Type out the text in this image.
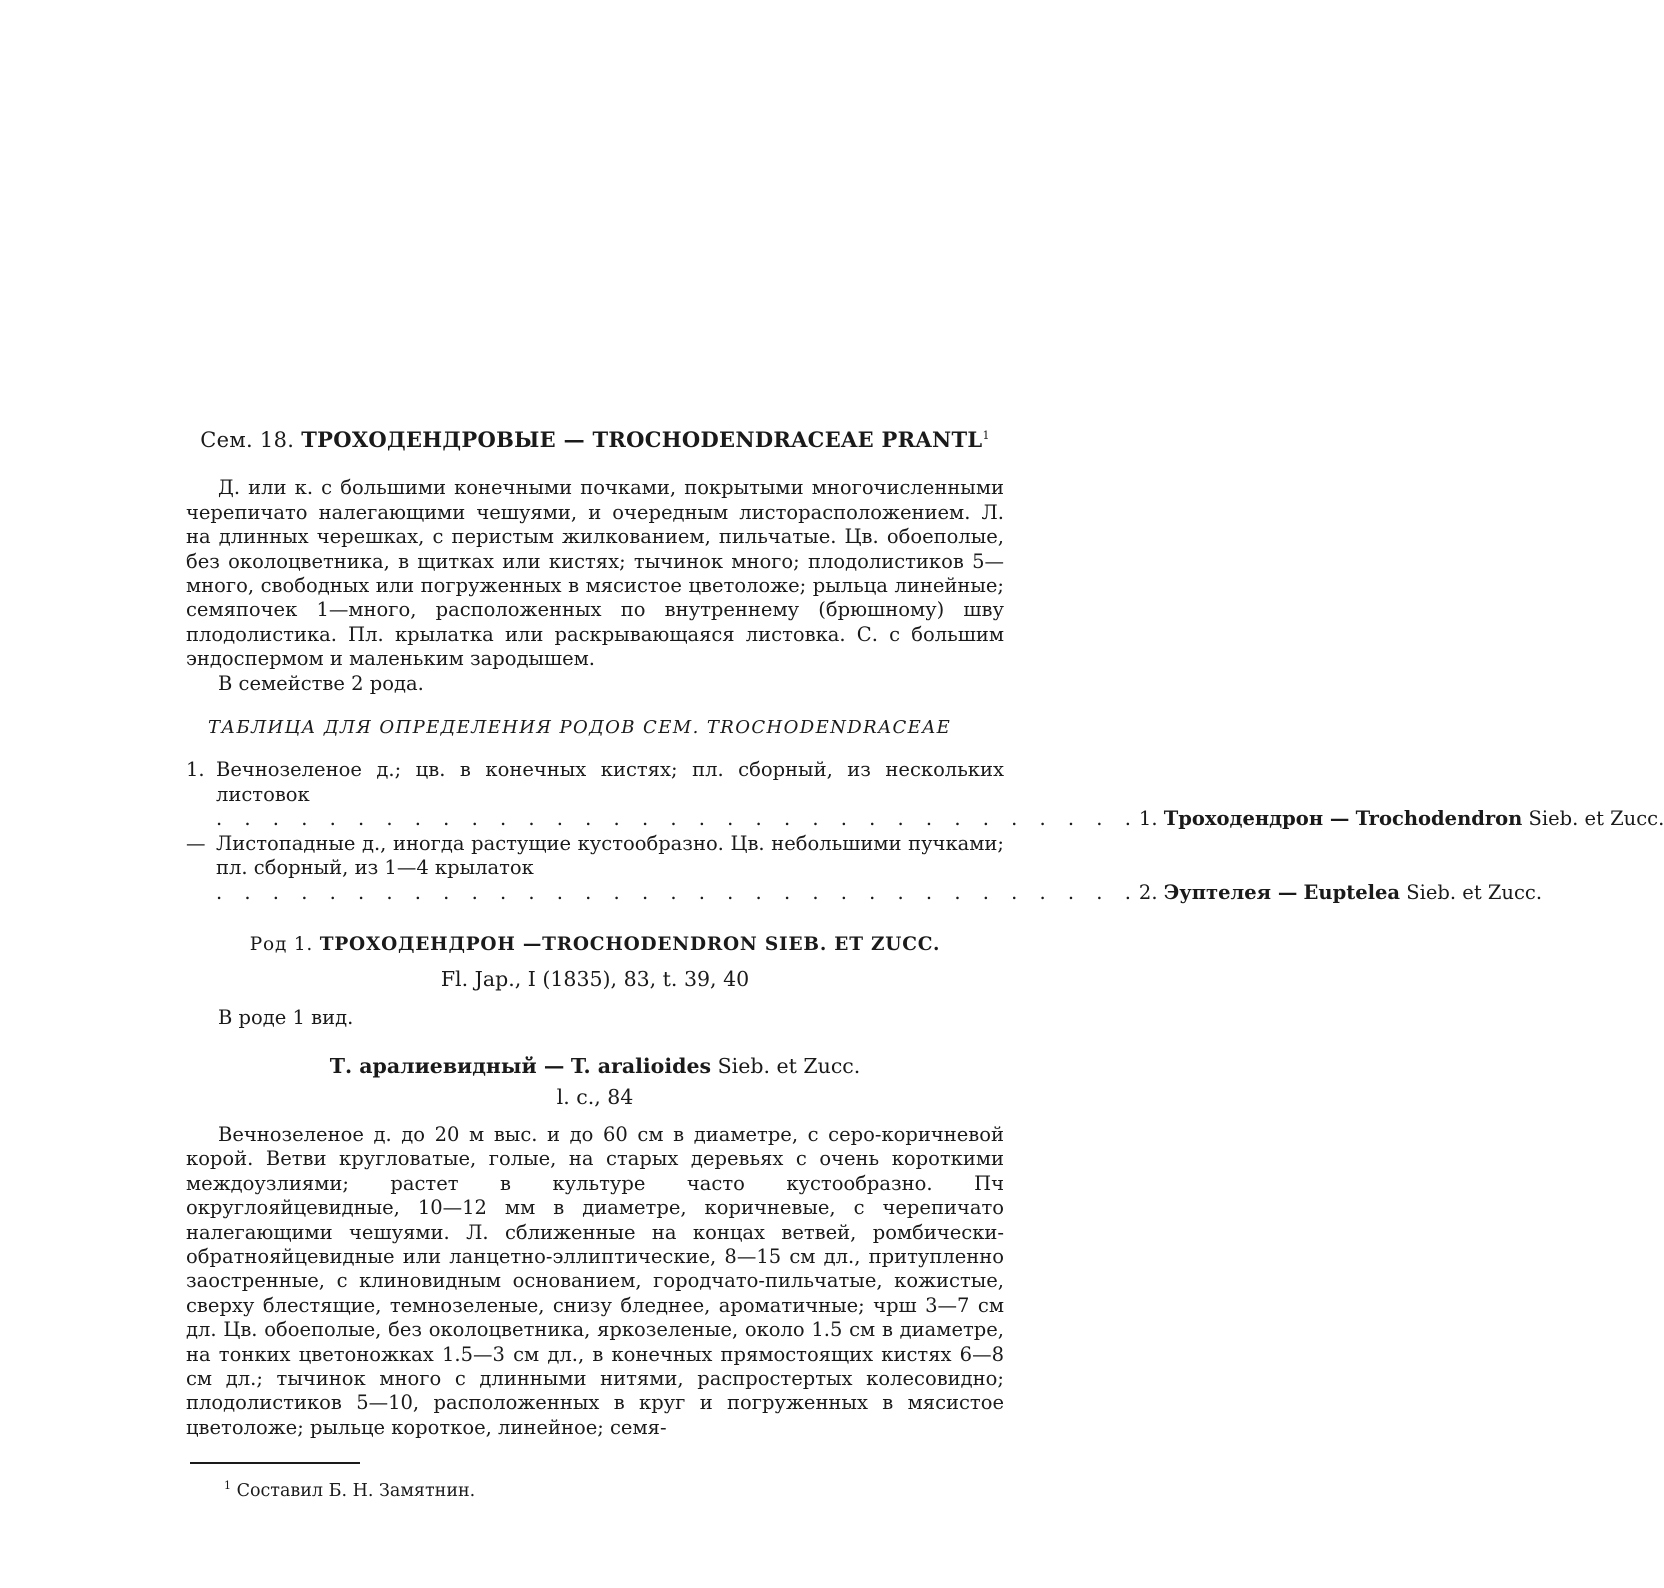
Сем. 18. ТРОХОДЕНДРОВЫЕ — TROCHODENDRACEAE PRANTL$^1$

Д. или к. с большими конечными почками, покрытыми многочисленными черепичато налегающими чешуями, и очередным листорасположением. Л. на длинных черешках, с перистым жилкованием, пильчатые. Цв. обоеполые, без околоцветника, в щитках или кистях; тычинок много; плодолистиков 5—много, свободных или погруженных в мясистое цветоложе; рыльца линейные; семяпочек 1—много, расположенных по внутреннему (брюшному) шву плодолистика. Пл. крылатка или раскрывающаяся листовка. С. с большим эндоспермом и маленьким зародышем.

В семействе 2 рода.
ТАБЛИЦА ДЛЯ ОПРЕДЕЛЕНИЯ РОДОВ СЕМ. TROCHODENDRACEAE
1. Вечнозеленое д.; цв. в конечных кистях; пл. сборный, из нескольких листовок
. . . . . . . . . . . . . . . . . . . . . . . . . . . . . . . . . 1. Троходендрон — Trochodendron Sieb. et Zucc.
— Листопадные д., иногда растущие кустообразно. Цв. небольшими пучками; пл. сборный, из 1—4 крылаток
. . . . . . . . . . . . . . . . . . . . . . . . . . . . . . . . . 2. Эуптелея — Euptelea Sieb. et Zucc.
Род 1. ТРОХОДЕНДРОН —TROCHODENDRON SIEB. ET ZUCC.
Fl. Jap., I (1835), 83, t. 39, 40
В роде 1 вид.
Т. аралиевидный — T. aralioides Sieb. et Zucc.
l. c., 84

Вечнозеленое д. до 20 м выс. и до 60 см в диаметре, с серо-коричневой корой. Ветви кругловатые, голые, на старых деревьях с очень короткими междоузлиями; растет в культуре часто кустообразно. Пч округлояйцевидные, 10—12 мм в диаметре, коричневые, с черепичато налегающими чешуями. Л. сближенные на концах ветвей, ромбически-обратнояйцевидные или ланцетно-эллиптические, 8—15 см дл., притупленно заостренные, с клиновидным основанием, городчато-пильчатые, кожистые, сверху блестящие, темнозеленые, снизу бледнее, ароматичные; чрш 3—7 см дл. Цв. обоеполые, без околоцветника, яркозеленые, около 1.5 см в диаметре, на тонких цветоножках 1.5—3 см дл., в конечных прямостоящих кистях 6—8 см дл.; тычинок много с длинными нитями, распростертых колесовидно; плодолистиков 5—10, расположенных в круг и погруженных в мясистое цветоложе; рыльце короткое, линейное; семя-

$^1$ Составил Б. Н. Замятнин.
